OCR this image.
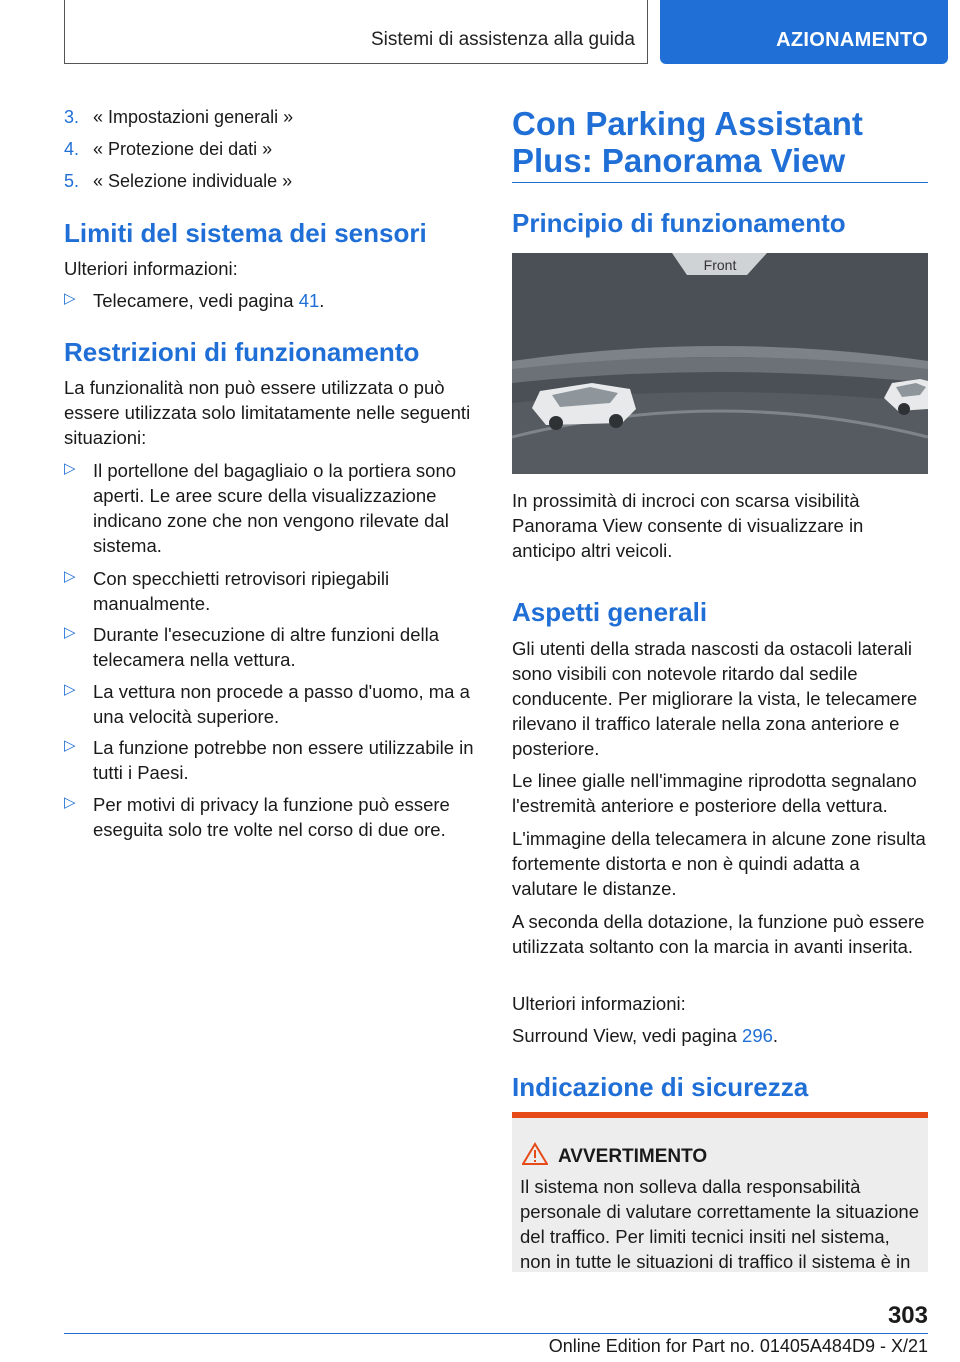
Sistemi di assistenza alla guida	AZIONAMENTO
3. « Impostazioni generali »
4. « Protezione dei dati »
5. « Selezione individuale »
Limiti del sistema dei sensori

Ulteriori informazioni:

▷ Telecamere, vedi pagina 41.
Restrizioni di funzionamento

La funzionalità non può essere utilizzata o può essere utilizzata solo limitatamente nelle seguenti situazioni:

▷ Il portellone del bagagliaio o la portiera sono aperti. Le aree scure della visualizzazione indicano zone che non vengono rilevate dal sistema.
▷ Con specchietti retrovisori ripiegabili manualmente.
▷ Durante l'esecuzione di altre funzioni della telecamera nella vettura.
▷ La vettura non procede a passo d'uomo, ma a una velocità superiore.
▷ La funzione potrebbe non essere utilizzabile in tutti i Paesi.
▷ Per motivi di privacy la funzione può essere eseguita solo tre volte nel corso di due ore.
Con Parking Assistant Plus: Panorama View
Principio di funzionamento
Front

In prossimità di incroci con scarsa visibilità Panorama View consente di visualizzare in anticipo altri veicoli.

Aspetti generali

Gli utenti della strada nascosti da ostacoli laterali sono visibili con notevole ritardo dal sedile conducente. Per migliorare la vista, le telecamere rilevano il traffico laterale nella zona anteriore e posteriore.

Le linee gialle nell'immagine riprodotta segnalano l'estremità anteriore e posteriore della vettura.

L'immagine della telecamera in alcune zone risulta fortemente distorta e non è quindi adatta a valutare le distanze.

A seconda della dotazione, la funzione può essere utilizzata soltanto con la marcia in avanti inserita.

Ulteriori informazioni:

Surround View, vedi pagina 296.

Indicazione di sicurezza
AVVERTIMENTO
Il sistema non solleva dalla responsabilità personale di valutare correttamente la situazione del traffico. Per limiti tecnici insiti nel sistema, non in tutte le situazioni di traffico il sistema è in
303
Online Edition for Part no. 01405A484D9 - X/21
